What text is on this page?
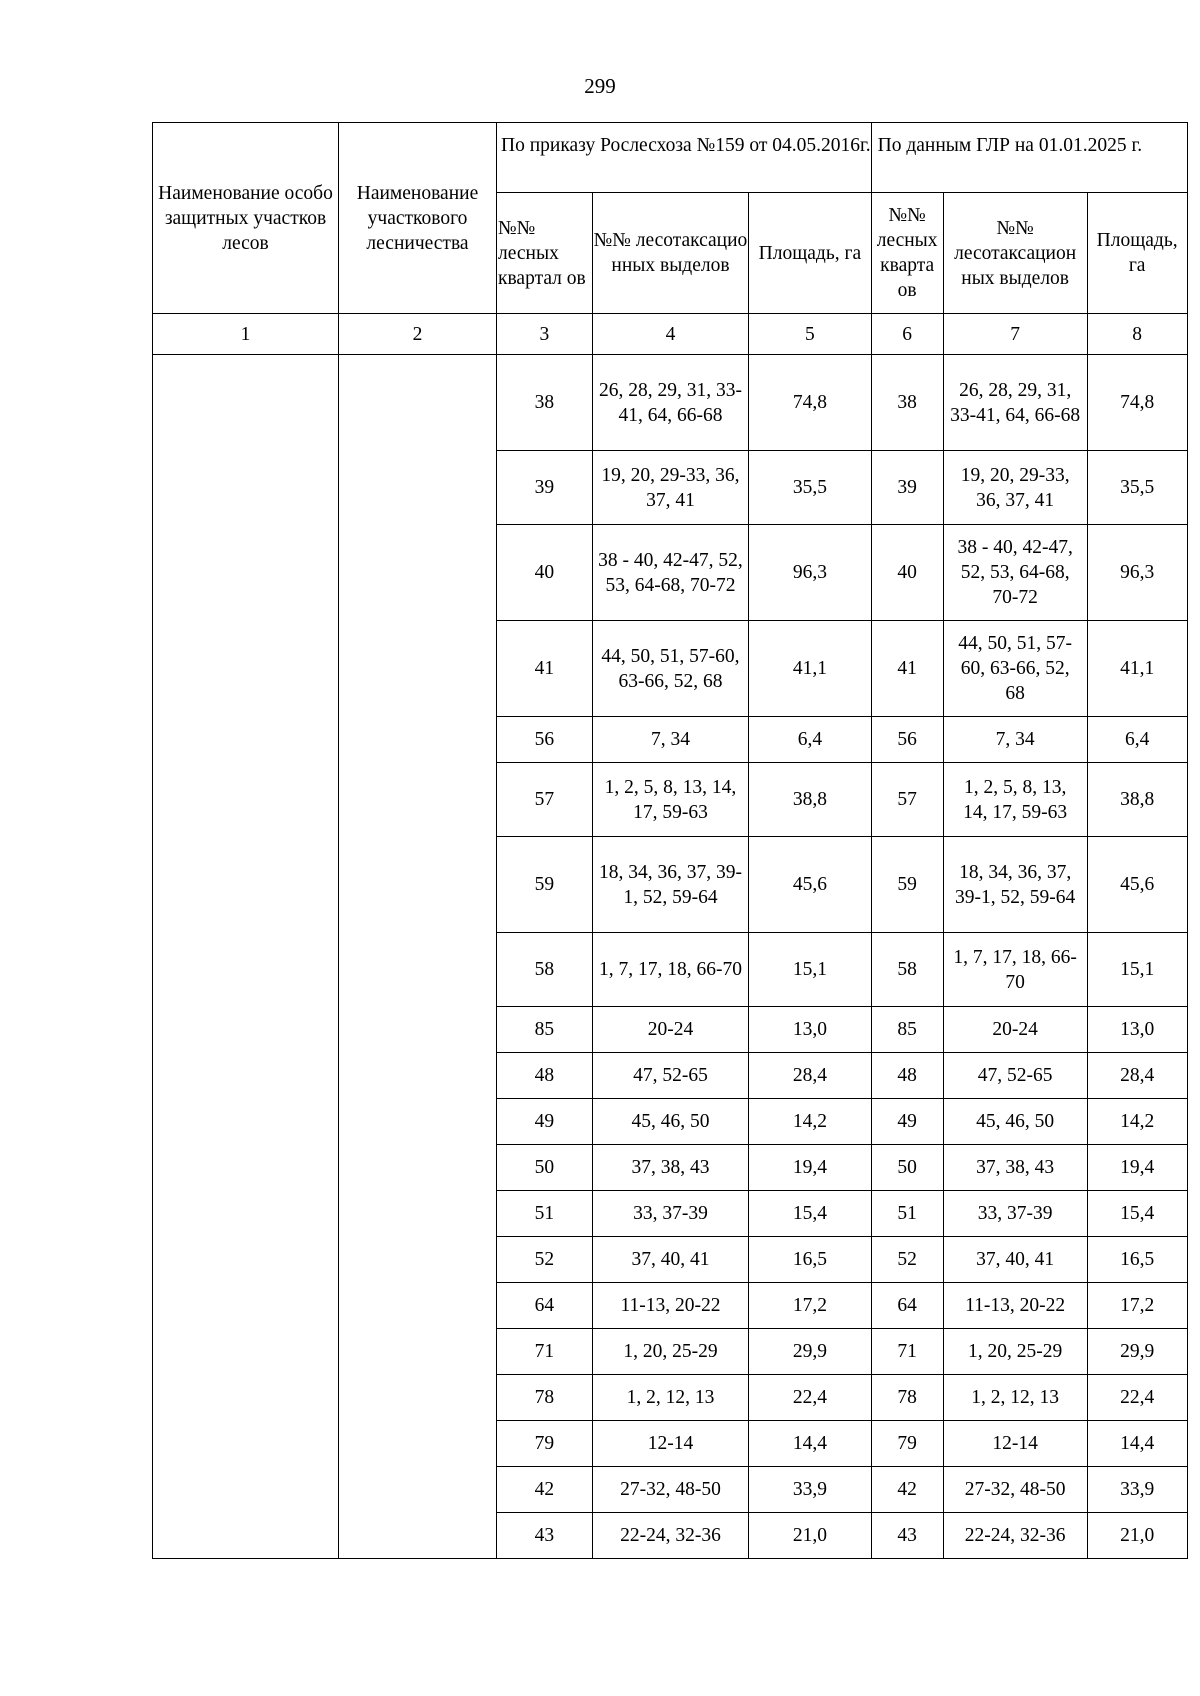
299
Наименование особо защитных участков лесов	Наименование участкового лесничества	По приказу Рослесхоза №159 от 04.05.2016г.			По данным ГЛР на 01.01.2025 г.		
		№№ лесных квартал ов	№№ лесотаксацио нных выделов	Площадь, га	№№ лесных кварта ов	№№ лесотаксацион ных выделов	Площадь, га
1	2	3	4	5	6	7	8
		38	26, 28, 29, 31, 33-41, 64, 66-68	74,8	38	26, 28, 29, 31, 33-41, 64, 66-68	74,8
		39	19, 20, 29-33, 36, 37, 41	35,5	39	19, 20, 29-33, 36, 37, 41	35,5
		40	38 - 40, 42-47, 52, 53, 64-68, 70-72	96,3	40	38 - 40, 42-47, 52, 53, 64-68, 70-72	96,3
		41	44, 50, 51, 57-60, 63-66, 52, 68	41,1	41	44, 50, 51, 57-60, 63-66, 52, 68	41,1
		56	7, 34	6,4	56	7, 34	6,4
		57	1, 2, 5, 8, 13, 14, 17, 59-63	38,8	57	1, 2, 5, 8, 13, 14, 17, 59-63	38,8
		59	18, 34, 36, 37, 39-1, 52, 59-64	45,6	59	18, 34, 36, 37, 39-1, 52, 59-64	45,6
		58	1, 7, 17, 18, 66-70	15,1	58	1, 7, 17, 18, 66-70	15,1
		85	20-24	13,0	85	20-24	13,0
		48	47, 52-65	28,4	48	47, 52-65	28,4
		49	45, 46, 50	14,2	49	45, 46, 50	14,2
		50	37, 38, 43	19,4	50	37, 38, 43	19,4
		51	33, 37-39	15,4	51	33, 37-39	15,4
		52	37, 40, 41	16,5	52	37, 40, 41	16,5
		64	11-13, 20-22	17,2	64	11-13, 20-22	17,2
		71	1, 20, 25-29	29,9	71	1, 20, 25-29	29,9
		78	1, 2, 12, 13	22,4	78	1, 2, 12, 13	22,4
		79	12-14	14,4	79	12-14	14,4
		42	27-32, 48-50	33,9	42	27-32, 48-50	33,9
		43	22-24, 32-36	21,0	43	22-24, 32-36	21,0
